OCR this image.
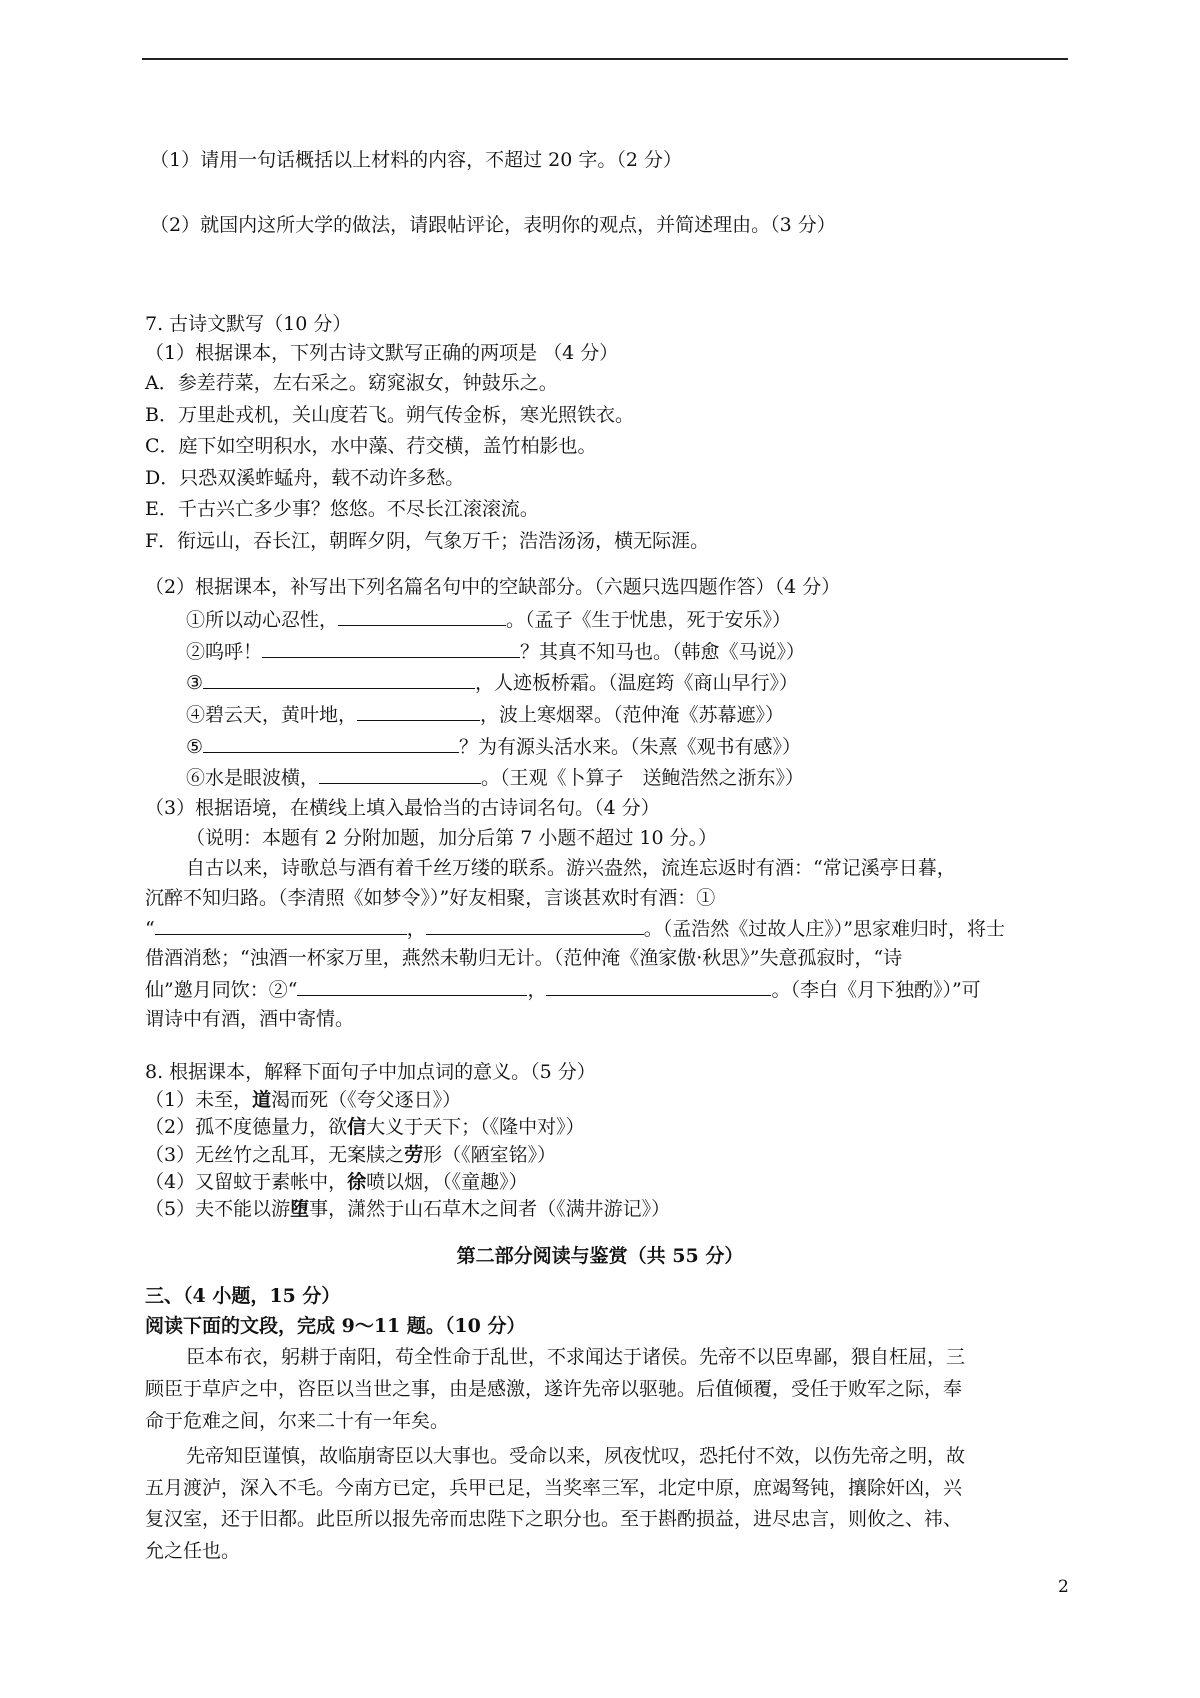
（1）请用一句话概括以上材料的内容，不超过 20 字。（2 分）
（2）就国内这所大学的做法，请跟帖评论，表明你的观点，并简述理由。（3 分）
7. 古诗文默写（10 分）
（1）根据课本，下列古诗文默写正确的两项是 （4 分）
A．参差荇菜，左右采之。窈窕淑女，钟鼓乐之。
B．万里赴戎机，关山度若飞。朔气传金柝，寒光照铁衣。
C．庭下如空明积水，水中藻、荇交横，盖竹柏影也。
D．只恐双溪蚱蜢舟，载不动许多愁。
E．千古兴亡多少事？悠悠。不尽长江滚滚流。
F．衔远山，吞长江，朝晖夕阴，气象万千；浩浩汤汤，横无际涯。
（2）根据课本，补写出下列名篇名句中的空缺部分。（六题只选四题作答）（4 分）
①所以动心忍性，	。（孟子《生于忧患，死于安乐》）
②呜呼！	？其真不知马也。（韩愈《马说》）
③	，人迹板桥霜。（温庭筠《商山早行》）
④碧云天，黄叶地，	，波上寒烟翠。（范仲淹《苏幕遮》）
⑤	？为有源头活水来。（朱熹《观书有感》）
⑥水是眼波横，	。（王观《卜算子　送鲍浩然之浙东》）
（3）根据语境，在横线上填入最恰当的古诗词名句。（4 分）
（说明：本题有 2 分附加题，加分后第 7 小题不超过 10 分。）
自古以来，诗歌总与酒有着千丝万缕的联系。游兴盎然，流连忘返时有酒：“常记溪亭日暮，
沉醉不知归路。（李清照《如梦令》）”好友相聚，言谈甚欢时有酒：①
“	，	。（孟浩然《过故人庄》）”思家难归时，将士
借酒消愁；“浊酒一杯家万里，燕然未勒归无计。（范仲淹《渔家傲·秋思》”失意孤寂时，“诗
仙”邀月同饮：②“	，	。（李白《月下独酌》）”可
谓诗中有酒，酒中寄情。
8. 根据课本，解释下面句子中加点词的意义。（5 分）
（1）未至，道渴而死（《夸父逐日》）
（2）孤不度德量力，欲信大义于天下；（《隆中对》）
（3）无丝竹之乱耳，无案牍之劳形（《陋室铭》）
（4）又留蚊于素帐中，徐喷以烟，（《童趣》）
（5）夫不能以游堕事，潇然于山石草木之间者（《满井游记》）
第二部分阅读与鉴赏（共 55 分）
三、（4 小题，15 分）
阅读下面的文段，完成 9～11 题。（10 分）
臣本布衣，躬耕于南阳，苟全性命于乱世，不求闻达于诸侯。先帝不以臣卑鄙，猥自枉屈，三
顾臣于草庐之中，咨臣以当世之事，由是感激，遂许先帝以驱驰。后值倾覆，受任于败军之际，奉
命于危难之间，尔来二十有一年矣。
先帝知臣谨慎，故临崩寄臣以大事也。受命以来，夙夜忧叹，恐托付不效，以伤先帝之明，故
五月渡泸，深入不毛。今南方已定，兵甲已足，当奖率三军，北定中原，庶竭驽钝，攘除奸凶，兴
复汉室，还于旧都。此臣所以报先帝而忠陛下之职分也。至于斟酌损益，进尽忠言，则攸之、祎、
允之任也。
2
